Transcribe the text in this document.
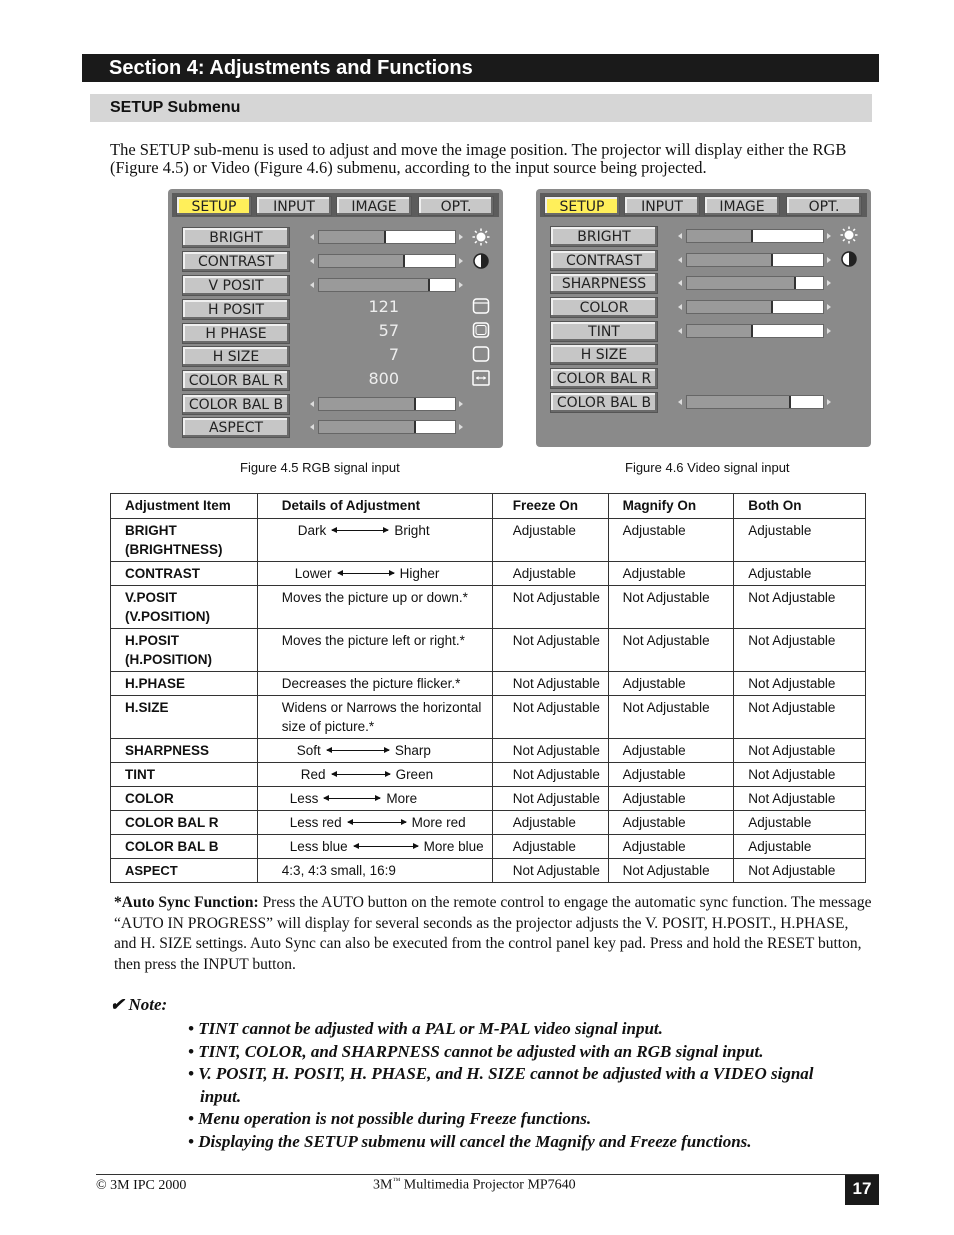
Section 4: Adjustments and Functions
SETUP Submenu
The SETUP sub-menu is used to adjust and move the image position. The projector will display either the RGB (Figure 4.5) or Video (Figure 4.6) submenu, according to the input source being projected.
SETUP	INPUT	IMAGE	OPT.
BRIGHT
CONTRAST
V POSIT
H POSIT
H PHASE
H SIZE
COLOR BAL R
COLOR BAL B
ASPECT
121
57
7
800
Figure 4.5 RGB signal input
SETUP	INPUT	IMAGE	OPT.
BRIGHT
CONTRAST
SHARPNESS
COLOR
TINT
H SIZE
COLOR BAL R
COLOR BAL B
Figure 4.6 Video signal input
Adjustment Item	Details of Adjustment	Freeze On	Magnify On	Both On
BRIGHT (BRIGHTNESS)	Dark Bright	Adjustable	Adjustable	Adjustable
CONTRAST	Lower Higher	Adjustable	Adjustable	Adjustable
V.POSIT (V.POSITION)	Moves the picture up or down.*	Not Adjustable	Not Adjustable	Not Adjustable
H.POSIT (H.POSITION)	Moves the picture left or right.*	Not Adjustable	Not Adjustable	Not Adjustable
H.PHASE	Decreases the picture flicker.*	Not Adjustable	Adjustable	Not Adjustable
H.SIZE	Widens or Narrows the horizontal size of picture.*	Not Adjustable	Not Adjustable	Not Adjustable
SHARPNESS	Soft Sharp	Not Adjustable	Adjustable	Not Adjustable
TINT	Red Green	Not Adjustable	Adjustable	Not Adjustable
COLOR	Less More	Not Adjustable	Adjustable	Not Adjustable
COLOR BAL R	Less red More red	Adjustable	Adjustable	Adjustable
COLOR BAL B	Less blue More blue	Adjustable	Adjustable	Adjustable
ASPECT	4:3, 4:3 small, 16:9	Not Adjustable	Not Adjustable	Not Adjustable
*Auto Sync Function: Press the AUTO button on the remote control to engage the automatic sync function. The message “AUTO IN PROGRESS” will display for several seconds as the projector adjusts the V. POSIT, H.POSIT., H.PHASE, and H. SIZE settings. Auto Sync can also be executed from the control panel key pad. Press and hold the RESET button, then press the INPUT button.
✔ Note:
• TINT cannot be adjusted with a PAL or M-PAL video signal input.
• TINT, COLOR, and SHARPNESS cannot be adjusted with an RGB signal input.
• V. POSIT, H. POSIT, H. PHASE, and H. SIZE cannot be adjusted with a VIDEO signal input.
• Menu operation is not possible during Freeze functions.
• Displaying the SETUP submenu will cancel the Magnify and Freeze functions.
© 3M IPC 2000	3M™ Multimedia Projector MP7640	17
